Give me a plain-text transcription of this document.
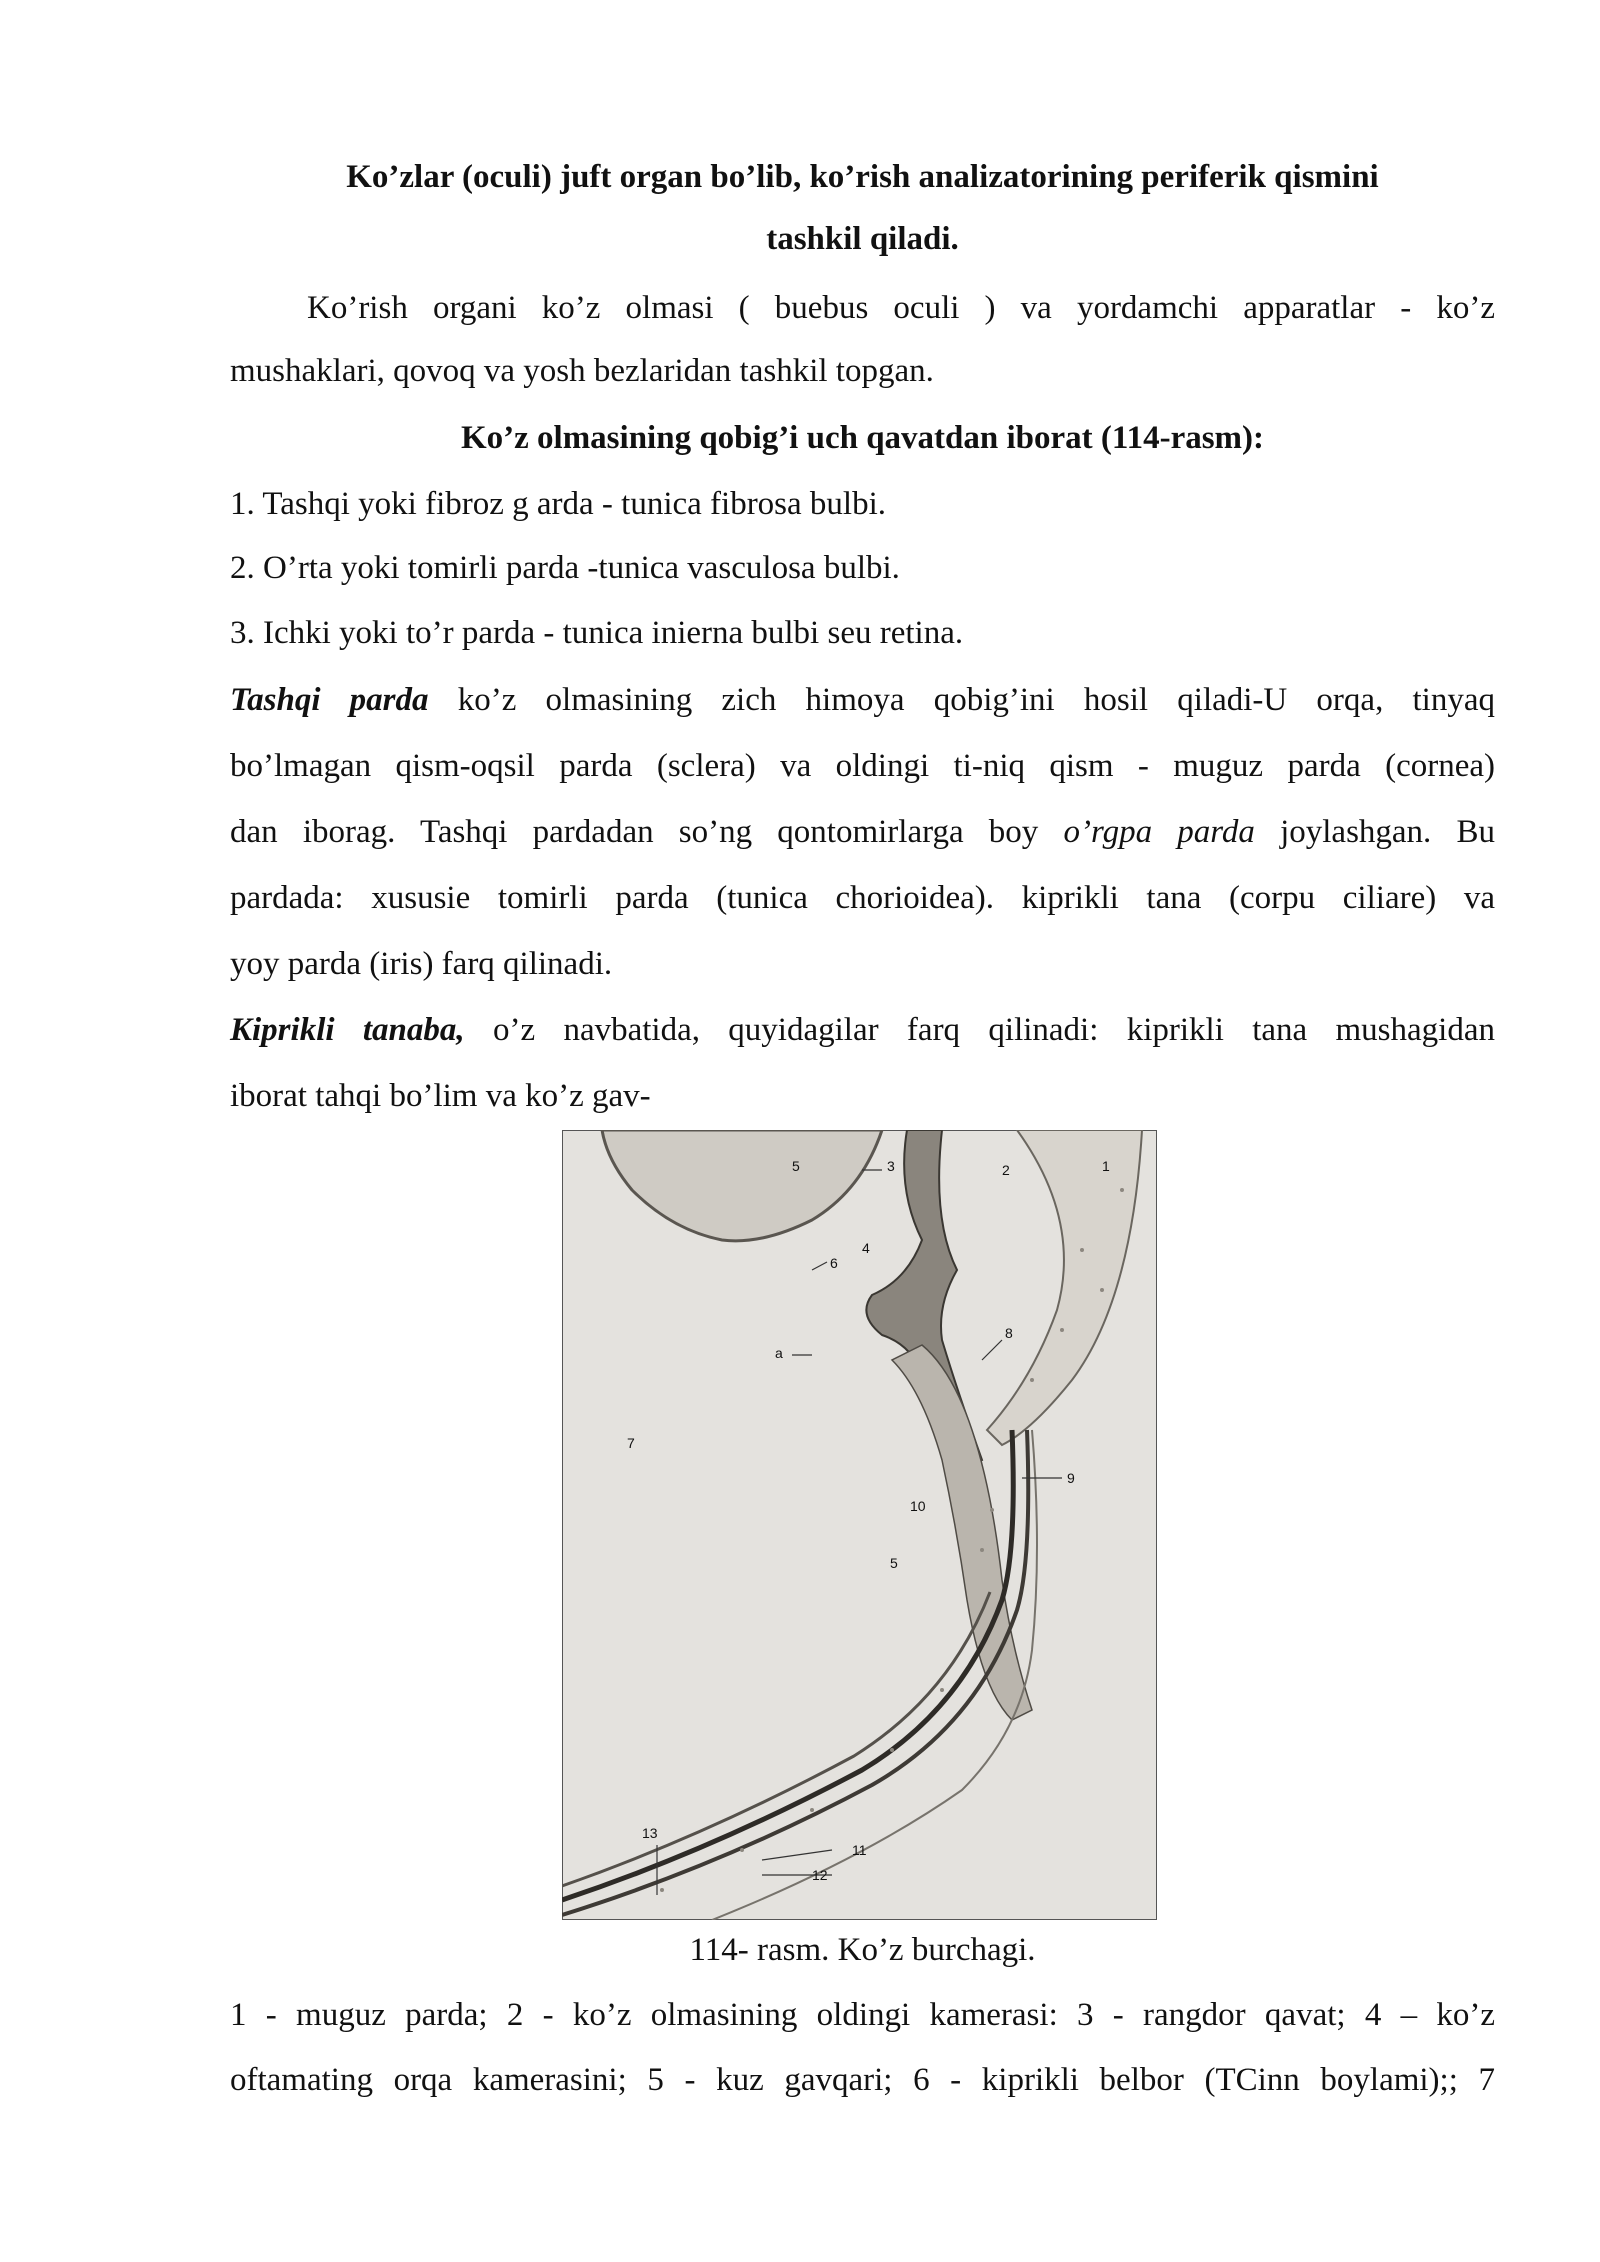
Ko’zlar (oculi) juft organ bo’lib, ko’rish analizatorining periferik qismini
tashkil qiladi.
Ko’rish organi ko’z olmasi ( buebus oculi ) va yordamchi apparatlar - ko’z
mushaklari, qovoq va yosh bezlaridan tashkil topgan.
Ko’z olmasining qobig’i uch qavatdan iborat (114-rasm):
1. Tashqi yoki fibroz g arda - tunica fibrosa bulbi.
2. O’rta yoki tomirli parda -tunica vasculosa bulbi.
3. Ichki yoki to’r parda - tunica inierna bulbi seu retina.
Tashqi parda ko’z olmasining zich himoya qobig’ini hosil qiladi-U orqa, tinyaq
bo’lmagan qism-oqsil parda (sclera) va oldingi ti-niq qism - muguz parda (cornea)
dan iborag. Tashqi pardadan so’ng qontomirlarga boy o’rgpa parda joylashgan. Bu
pardada: xususie tomirli parda (tunica chorioidea). kiprikli tana (corpu ciliare) va
yoy parda (iris) farq qilinadi.
Kiprikli tanaba, o’z navbatida, quyidagilar farq qilinadi: kiprikli tana mushagidan
iborat tahqi bo’lim va ko’z gav-
5	3	2	1
4
6
8
a
7
9
10
5
13
11
12
114- rasm. Ko’z burchagi.
1 - muguz parda; 2 - ko’z olmasining oldingi kamerasi: 3 - rangdor qavat; 4 – ko’z
oftamating orqa kamerasini; 5 - kuz gavqari; 6 - kiprikli belbor (TCinn boylami);; 7
